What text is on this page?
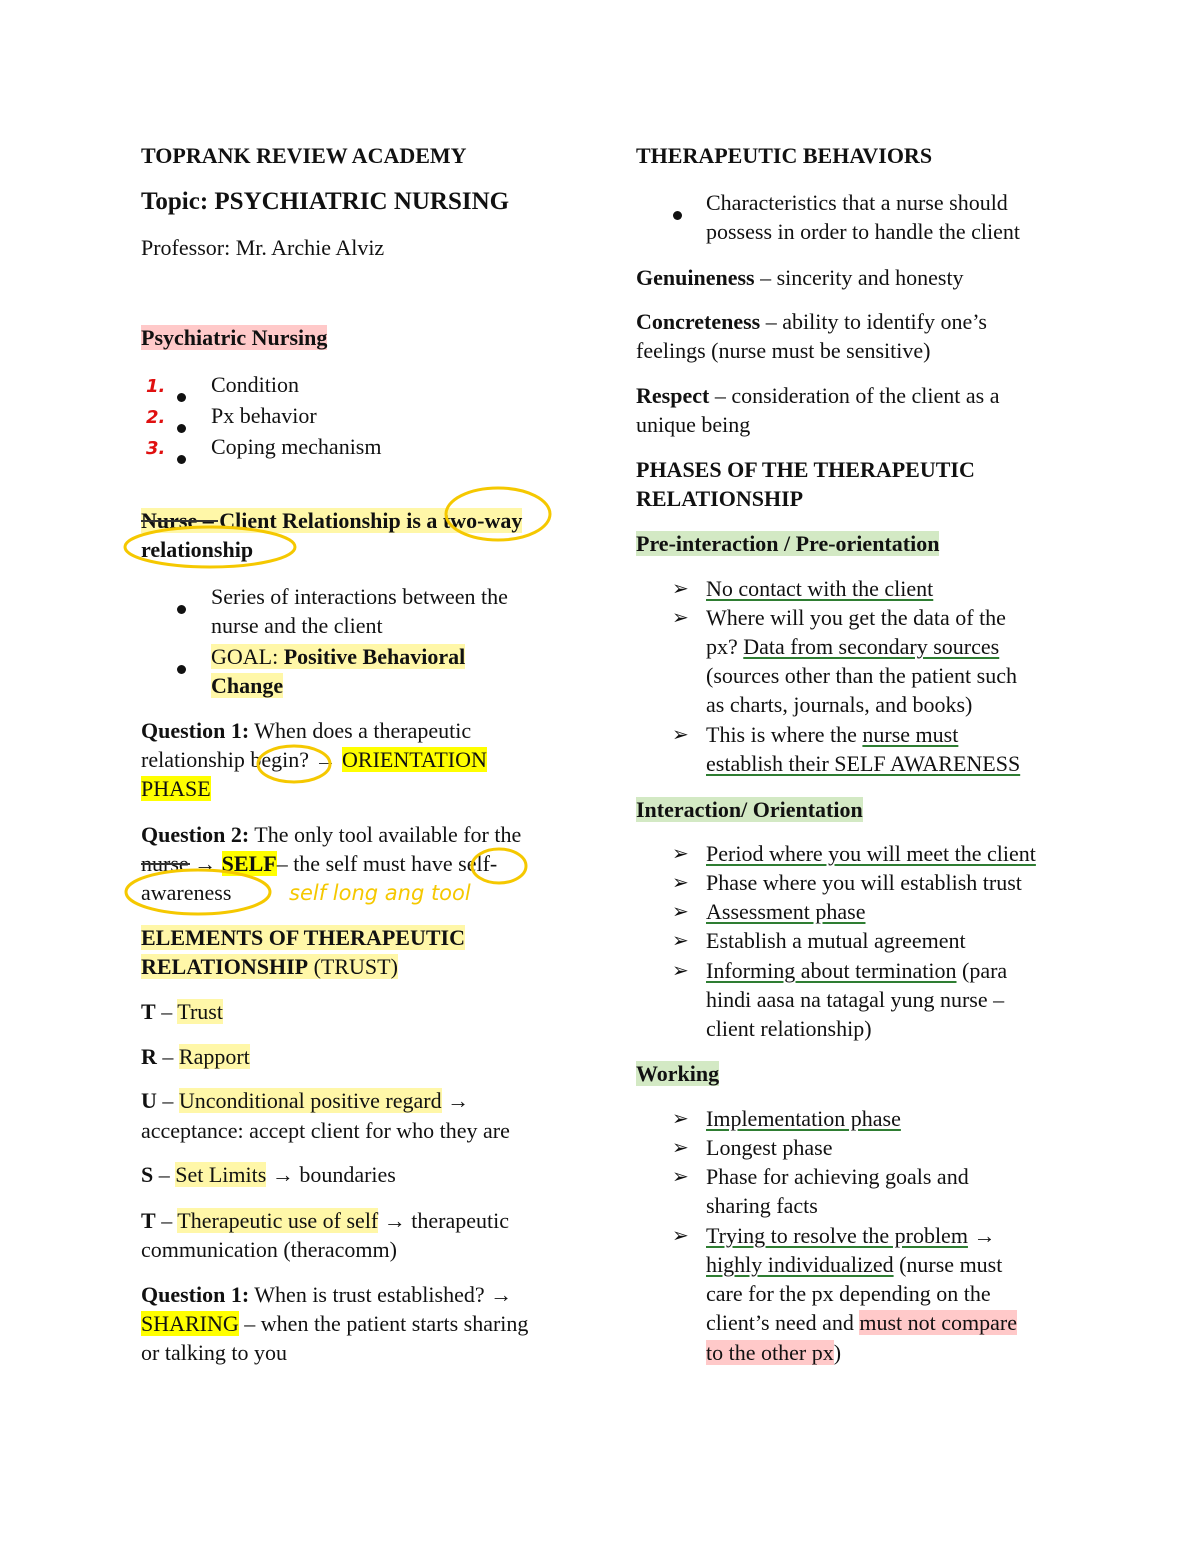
TOPRANK REVIEW ACADEMY
Topic: PSYCHIATRIC NURSING
Professor: Mr. Archie Alviz
Psychiatric Nursing
1.
2.
3.
Condition
Px behavior
Coping mechanism
Nurse – Client Relationship is a two-way
relationship
Series of interactions between the
nurse and the client
GOAL: Positive Behavioral
Change
Question 1: When does a therapeutic
relationship begin? → ORIENTATION
PHASE
Question 2: The only tool available for the
nurse → SELF– the self must have self-
awareness	self long ang tool
ELEMENTS OF THERAPEUTIC
RELATIONSHIP (TRUST)
T – Trust
R – Rapport
U – Unconditional positive regard →
acceptance: accept client for who they are
S – Set Limits → boundaries
T – Therapeutic use of self → therapeutic
communication (theracomm)
Question 1: When is trust established? →
SHARING – when the patient starts sharing
or talking to you
THERAPEUTIC BEHAVIORS
Characteristics that a nurse should
possess in order to handle the client
Genuineness – sincerity and honesty
Concreteness – ability to identify one’s
feelings (nurse must be sensitive)
Respect – consideration of the client as a
unique being
PHASES OF THE THERAPEUTIC
RELATIONSHIP
Pre-interaction / Pre-orientation
➢ No contact with the client
➢ Where will you get the data of the
px? Data from secondary sources
(sources other than the patient such
as charts, journals, and books)
➢ This is where the nurse must
establish their SELF AWARENESS
Interaction/ Orientation
➢ Period where you will meet the client
➢ Phase where you will establish trust
➢ Assessment phase
➢ Establish a mutual agreement
➢ Informing about termination (para
hindi aasa na tatagal yung nurse –
client relationship)
Working
➢ Implementation phase
➢ Longest phase
➢ Phase for achieving goals and
sharing facts
➢ Trying to resolve the problem →
highly individualized (nurse must
care for the px depending on the
client’s need and must not compare
to the other px)
